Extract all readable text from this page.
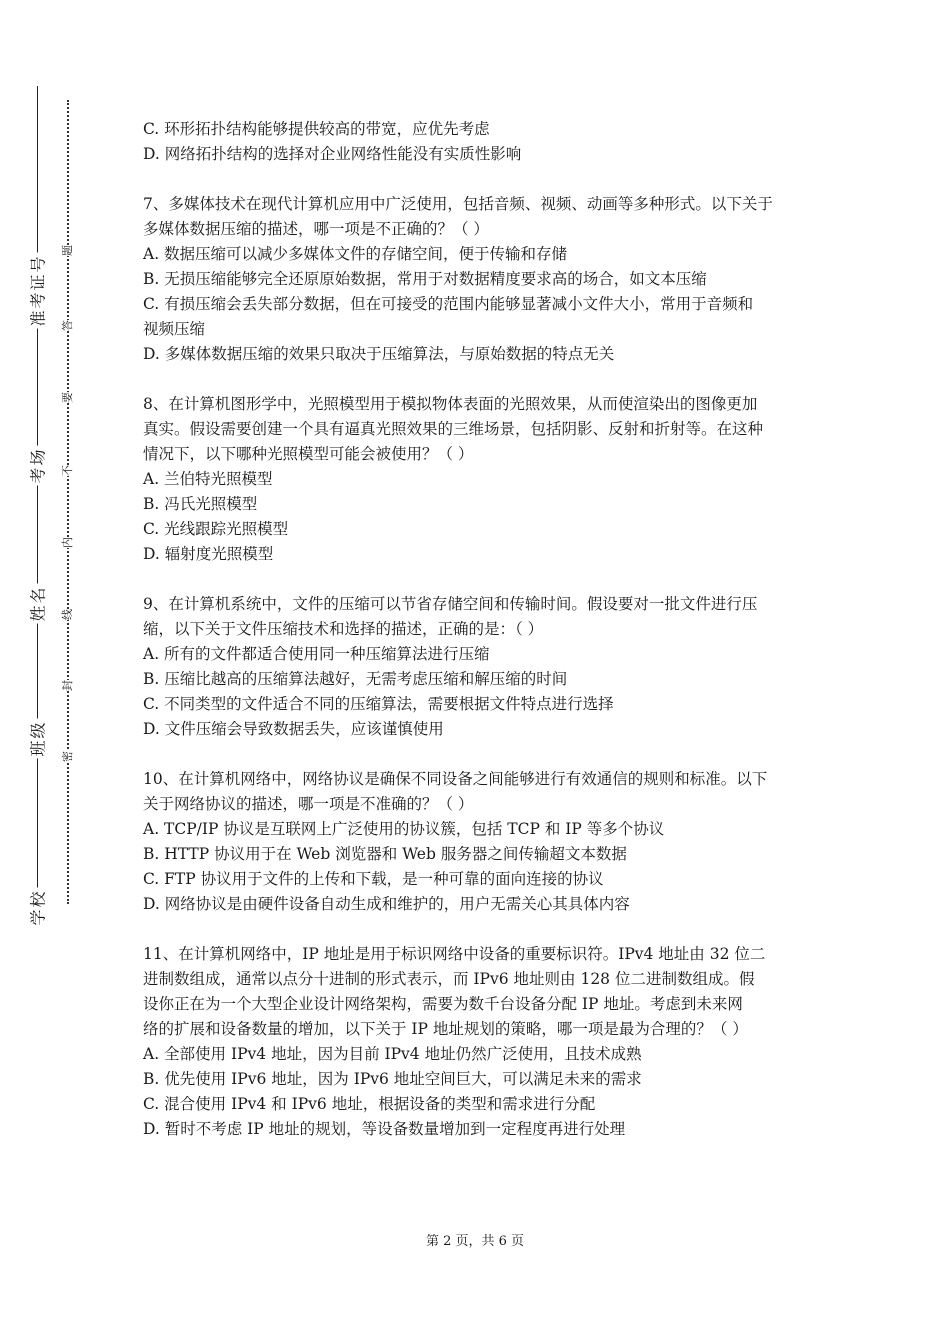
准考证号
考场
姓名
班级
学校
题
答
要
不
内
线
封
密

C. 环形拓扑结构能够提供较高的带宽，应优先考虑

D. 网络拓扑结构的选择对企业网络性能没有实质性影响

7、多媒体技术在现代计算机应用中广泛使用，包括音频、视频、动画等多种形式。以下关于

多媒体数据压缩的描述，哪一项是不正确的？（ ）

A. 数据压缩可以减少多媒体文件的存储空间，便于传输和存储

B. 无损压缩能够完全还原原始数据，常用于对数据精度要求高的场合，如文本压缩

C. 有损压缩会丢失部分数据，但在可接受的范围内能够显著减小文件大小，常用于音频和

视频压缩

D. 多媒体数据压缩的效果只取决于压缩算法，与原始数据的特点无关

8、在计算机图形学中，光照模型用于模拟物体表面的光照效果，从而使渲染出的图像更加

真实。假设需要创建一个具有逼真光照效果的三维场景，包括阴影、反射和折射等。在这种

情况下，以下哪种光照模型可能会被使用？（ ）

A. 兰伯特光照模型

B. 冯氏光照模型

C. 光线跟踪光照模型

D. 辐射度光照模型

9、在计算机系统中，文件的压缩可以节省存储空间和传输时间。假设要对一批文件进行压

缩，以下关于文件压缩技术和选择的描述，正确的是：（ ）

A. 所有的文件都适合使用同一种压缩算法进行压缩

B. 压缩比越高的压缩算法越好，无需考虑压缩和解压缩的时间

C. 不同类型的文件适合不同的压缩算法，需要根据文件特点进行选择

D. 文件压缩会导致数据丢失，应该谨慎使用

10、在计算机网络中，网络协议是确保不同设备之间能够进行有效通信的规则和标准。以下

关于网络协议的描述，哪一项是不准确的？（ ）

A. TCP/IP 协议是互联网上广泛使用的协议簇，包括 TCP 和 IP 等多个协议

B. HTTP 协议用于在 Web 浏览器和 Web 服务器之间传输超文本数据

C. FTP 协议用于文件的上传和下载，是一种可靠的面向连接的协议

D. 网络协议是由硬件设备自动生成和维护的，用户无需关心其具体内容

11、在计算机网络中，IP 地址是用于标识网络中设备的重要标识符。IPv4 地址由 32 位二

进制数组成，通常以点分十进制的形式表示，而 IPv6 地址则由 128 位二进制数组成。假

设你正在为一个大型企业设计网络架构，需要为数千台设备分配 IP 地址。考虑到未来网

络的扩展和设备数量的增加，以下关于 IP 地址规划的策略，哪一项是最为合理的？（ ）

A. 全部使用 IPv4 地址，因为目前 IPv4 地址仍然广泛使用，且技术成熟

B. 优先使用 IPv6 地址，因为 IPv6 地址空间巨大，可以满足未来的需求

C. 混合使用 IPv4 和 IPv6 地址，根据设备的类型和需求进行分配

D. 暂时不考虑 IP 地址的规划，等设备数量增加到一定程度再进行处理

第 2 页，共 6 页
